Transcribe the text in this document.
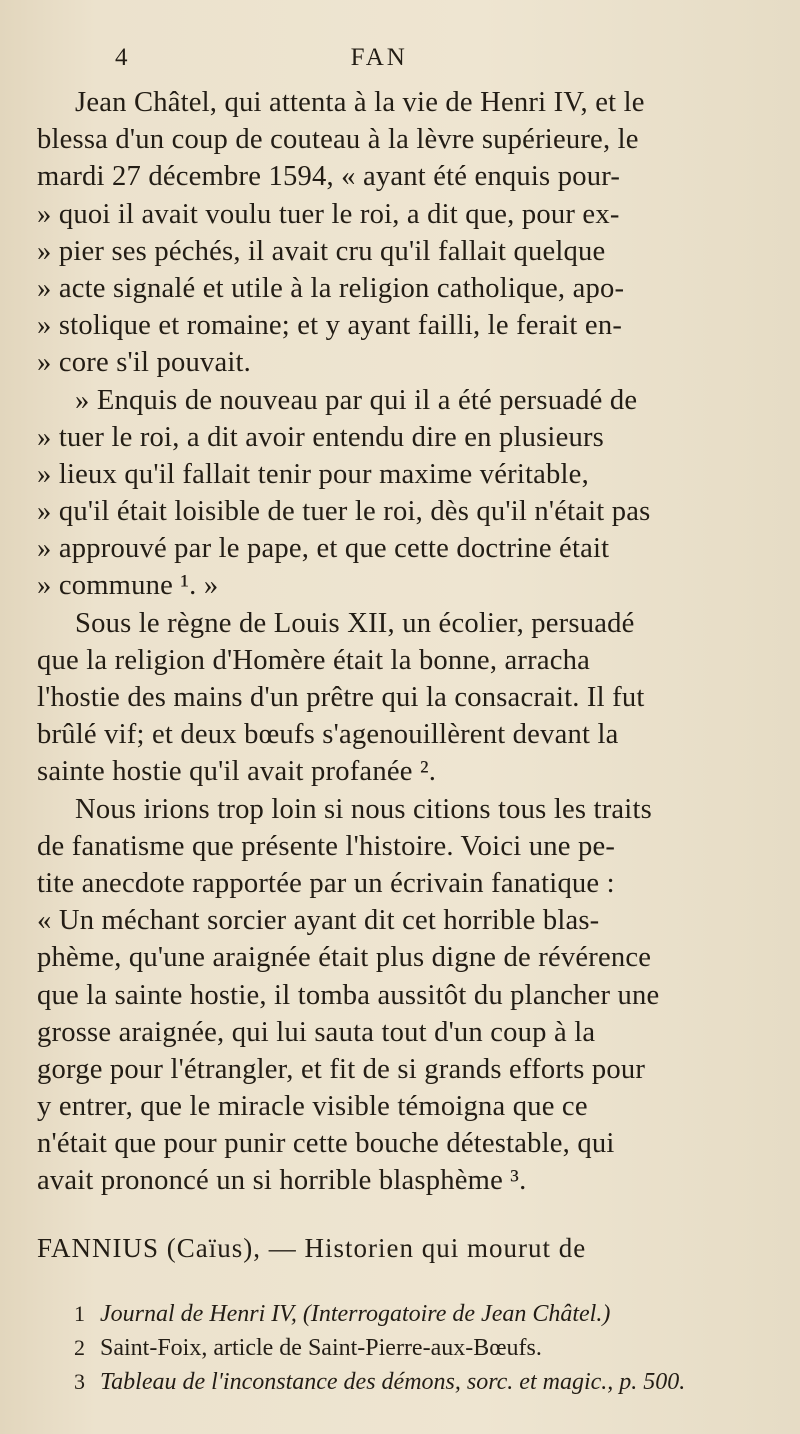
4	FAN
Jean Châtel, qui attenta à la vie de Henri IV, et le
blessa d'un coup de couteau à la lèvre supérieure, le
mardi 27 décembre 1594, « ayant été enquis pour-
» quoi il avait voulu tuer le roi, a dit que, pour ex-
» pier ses péchés, il avait cru qu'il fallait quelque
» acte signalé et utile à la religion catholique, apo-
» stolique et romaine; et y ayant failli, le ferait en-
» core s'il pouvait.
» Enquis de nouveau par qui il a été persuadé de
» tuer le roi, a dit avoir entendu dire en plusieurs
» lieux qu'il fallait tenir pour maxime véritable,
» qu'il était loisible de tuer le roi, dès qu'il n'était pas
» approuvé par le pape, et que cette doctrine était
» commune ¹. »
Sous le règne de Louis XII, un écolier, persuadé
que la religion d'Homère était la bonne, arracha
l'hostie des mains d'un prêtre qui la consacrait. Il fut
brûlé vif; et deux bœufs s'agenouillèrent devant la
sainte hostie qu'il avait profanée ².
Nous irions trop loin si nous citions tous les traits
de fanatisme que présente l'histoire. Voici une pe-
tite anecdote rapportée par un écrivain fanatique :
« Un méchant sorcier ayant dit cet horrible blas-
phème, qu'une araignée était plus digne de révérence
que la sainte hostie, il tomba aussitôt du plancher une
grosse araignée, qui lui sauta tout d'un coup à la
gorge pour l'étrangler, et fit de si grands efforts pour
y entrer, que le miracle visible témoigna que ce
n'était que pour punir cette bouche détestable, qui
avait prononcé un si horrible blasphème ³.
FANNIUS (Caïus), — Historien qui mourut de
1 Journal de Henri IV, (Interrogatoire de Jean Châtel.)
2 Saint-Foix, article de Saint-Pierre-aux-Bœufs.
3 Tableau de l'inconstance des démons, sorc. et magic., p. 500.
